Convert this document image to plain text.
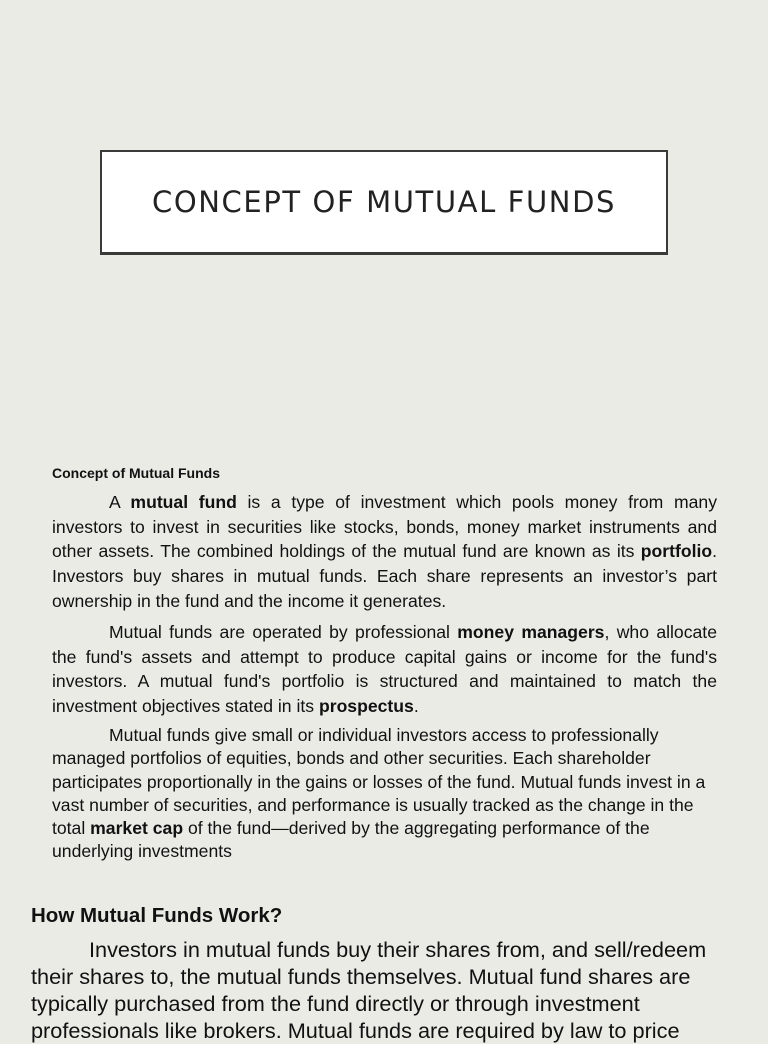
CONCEPT OF MUTUAL FUNDS
Concept of Mutual Funds

A mutual fund is a type of investment which pools money from many investors to invest in securities like stocks, bonds, money market instruments and other assets. The combined holdings of the mutual fund are known as its portfolio. Investors buy shares in mutual funds. Each share represents an investor’s part ownership in the fund and the income it generates.

Mutual funds are operated by professional money managers, who allocate the fund's assets and attempt to produce capital gains or income for the fund's investors. A mutual fund's portfolio is structured and maintained to match the investment objectives stated in its prospectus.

Mutual funds give small or individual investors access to professionally managed portfolios of equities, bonds and other securities. Each shareholder participates proportionally in the gains or losses of the fund. Mutual funds invest in a vast number of securities, and performance is usually tracked as the change in the total market cap of the fund—derived by the aggregating performance of the underlying investments

How Mutual Funds Work?

Investors in mutual funds buy their shares from, and sell/redeem their shares to, the mutual funds themselves. Mutual fund shares are typically purchased from the fund directly or through investment professionals like brokers. Mutual funds are required by law to price
